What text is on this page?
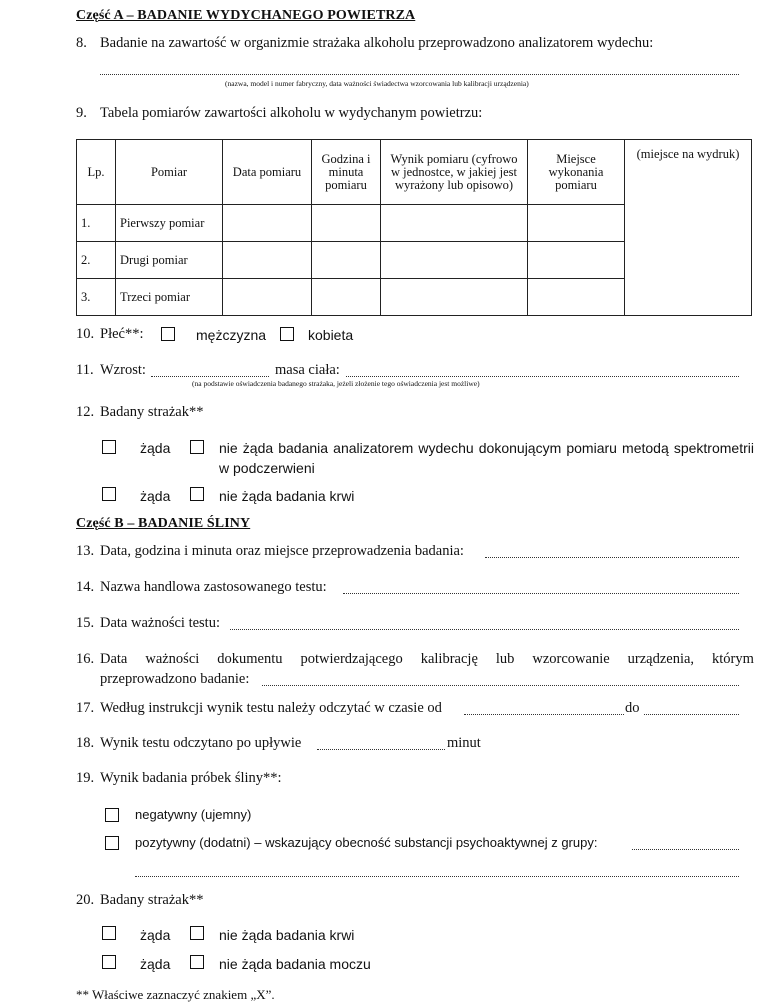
Część A – BADANIE WYDYCHANEGO POWIETRZA
8. Badanie na zawartość w organizmie strażaka alkoholu przeprowadzono analizatorem wydechu:
(nazwa, model i numer fabryczny, data ważności świadectwa wzorcowania lub kalibracji urządzenia)
9. Tabela pomiarów zawartości alkoholu w wydychanym powietrzu:
Lp.	Pomiar	Data pomiaru	Godzina i minuta pomiaru	Wynik pomiaru (cyfrowo w jednostce, w jakiej jest wyrażony lub opisowo)	Miejsce wykonania pomiaru	(miejsce na wydruk)
1.	Pierwszy pomiar					
2.	Drugi pomiar					
3.	Trzeci pomiar					
10. Płeć**:	mężczyzna	kobieta
11. Wzrost:	masa ciała:
(na podstawie oświadczenia badanego strażaka, jeżeli złożenie tego oświadczenia jest możliwe)
12. Badany strażak**
żąda	nie żąda badania analizatorem wydechu dokonującym pomiaru metodą spektrometrii
w podczerwieni
żąda	nie żąda badania krwi
Część B – BADANIE ŚLINY
13. Data, godzina i minuta oraz miejsce przeprowadzenia badania:
14. Nazwa handlowa zastosowanego testu:
15. Data ważności testu:
16. Data ważności dokumentu potwierdzającego kalibrację lub wzorcowanie urządzenia, którym
przeprowadzono badanie:
17. Według instrukcji wynik testu należy odczytać w czasie od	do
18. Wynik testu odczytano po upływie	minut
19. Wynik badania próbek śliny**:
negatywny (ujemny)
pozytywny (dodatni) – wskazujący obecność substancji psychoaktywnej z grupy:
20. Badany strażak**
żąda	nie żąda badania krwi
żąda	nie żąda badania moczu
** Właściwe zaznaczyć znakiem „X”.
